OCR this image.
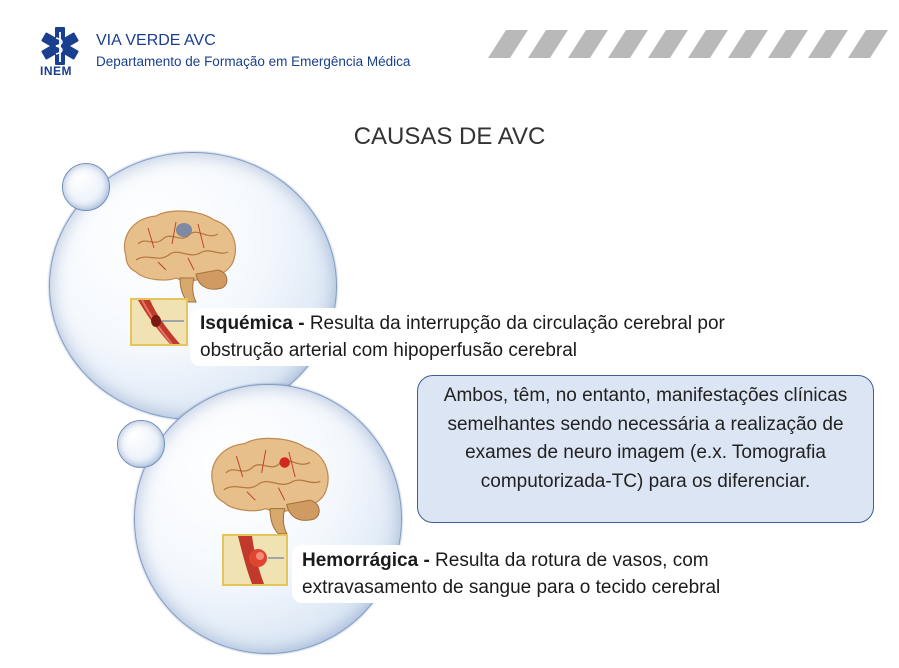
INEM
VIA VERDE AVC
Departamento de Formação em Emergência Médica
CAUSAS DE AVC
Isquémica - Resulta da interrupção da circulação cerebral por obstrução arterial com hipoperfusão cerebral
Hemorrágica - Resulta da rotura de vasos, com extravasamento de sangue para o tecido cerebral
Ambos, têm, no entanto, manifestações clínicas semelhantes sendo necessária a realização de exames de neuro imagem (e.x. Tomografia computorizada-TC) para os diferenciar.
